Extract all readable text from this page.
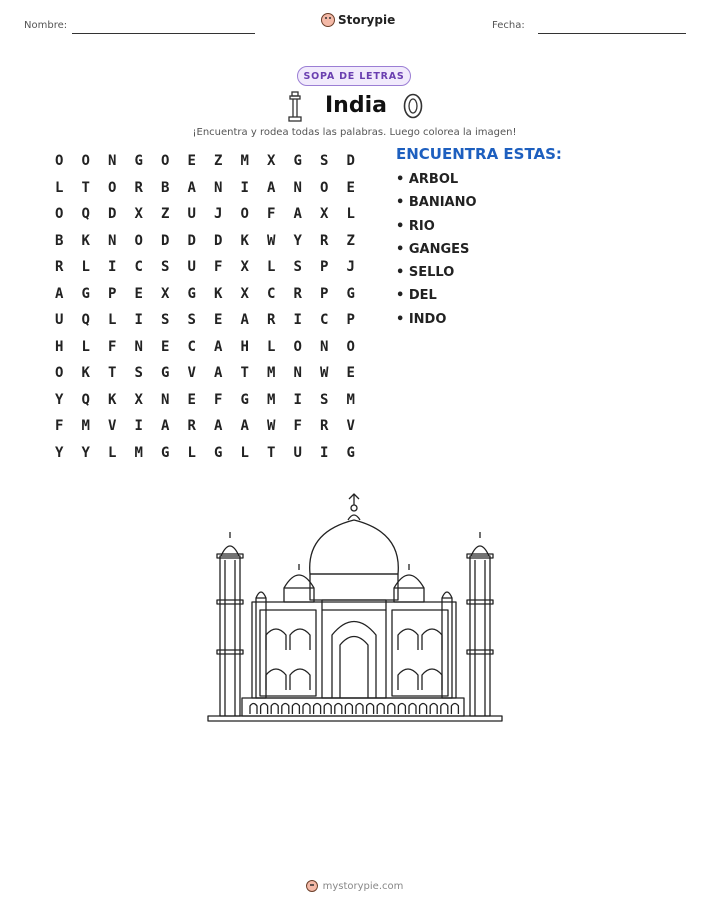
Nombre:	Storypie	Fecha:
SOPA DE LETRAS
India
¡Encuentra y rodea todas las palabras. Luego colorea la imagen!
O	O	N	G	O	E	Z	M	X	G	S	D
L	T	O	R	B	A	N	I	A	N	O	E
O	Q	D	X	Z	U	J	O	F	A	X	L
B	K	N	O	D	D	D	K	W	Y	R	Z
R	L	I	C	S	U	F	X	L	S	P	J
A	G	P	E	X	G	K	X	C	R	P	G
U	Q	L	I	S	S	E	A	R	I	C	P
H	L	F	N	E	C	A	H	L	O	N	O
O	K	T	S	G	V	A	T	M	N	W	E
Y	Q	K	X	N	E	F	G	M	I	S	M
F	M	V	I	A	R	A	A	W	F	R	V
Y	Y	L	M	G	L	G	L	T	U	I	G
ENCUENTRA ESTAS:
• ARBOL
• BANIANO
• RIO
• GANGES
• SELLO
• DEL
• INDO
mystorypie.com
